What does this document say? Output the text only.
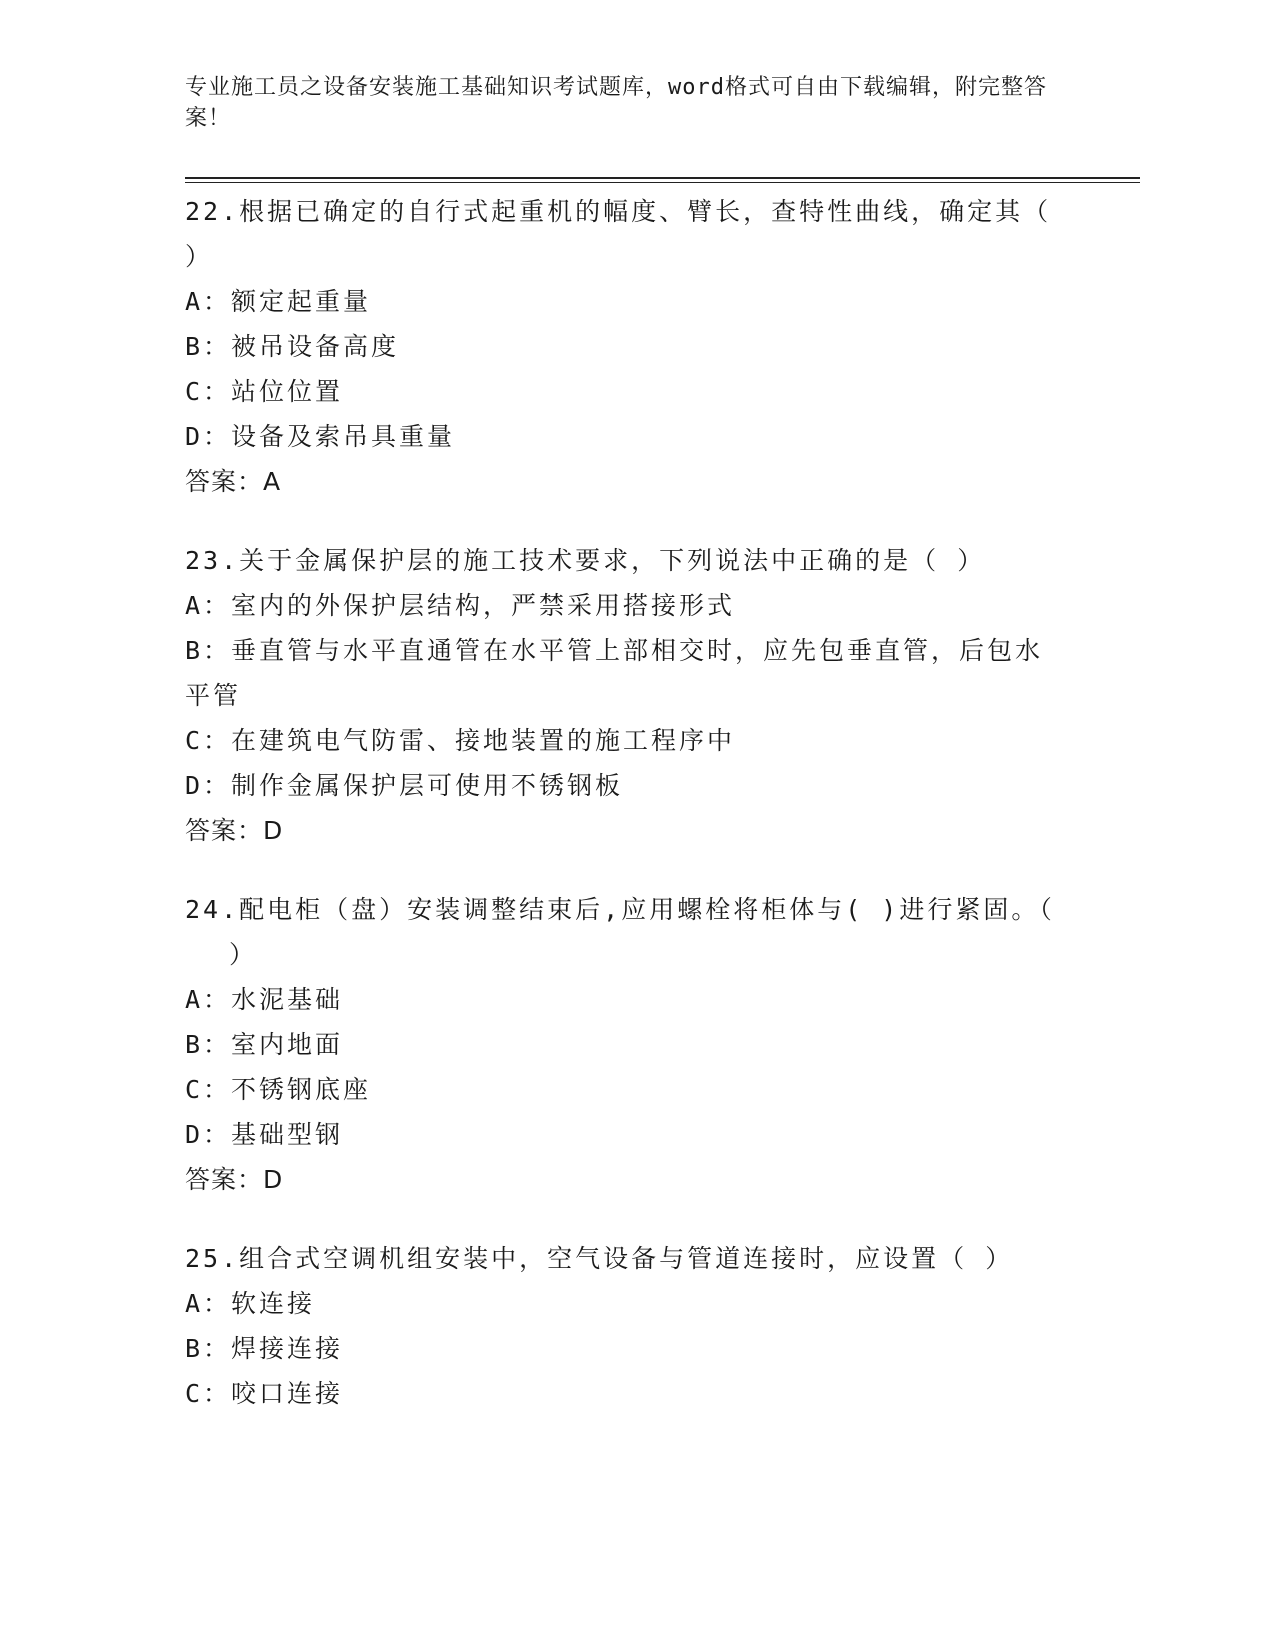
专业施工员之设备安装施工基础知识考试题库，word格式可自由下载编辑，附完整答案！

22.根据已确定的自行式起重机的幅度、臂长，查特性曲线，确定其（

）

A：额定起重量

B：被吊设备高度

C：站位位置

D：设备及索吊具重量

答案：A

23.关于金属保护层的施工技术要求，下列说法中正确的是（ ）

A：室内的外保护层结构，严禁采用搭接形式

B：垂直管与水平直通管在水平管上部相交时，应先包垂直管，后包水平管

C：在建筑电气防雷、接地装置的施工程序中

D：制作金属保护层可使用不锈钢板

答案：D

24.配电柜（盘）安装调整结束后,应用螺栓将柜体与( )进行紧固。（

）

A：水泥基础

B：室内地面

C：不锈钢底座

D：基础型钢

答案：D

25.组合式空调机组安装中，空气设备与管道连接时，应设置（ ）

A：软连接

B：焊接连接

C：咬口连接
